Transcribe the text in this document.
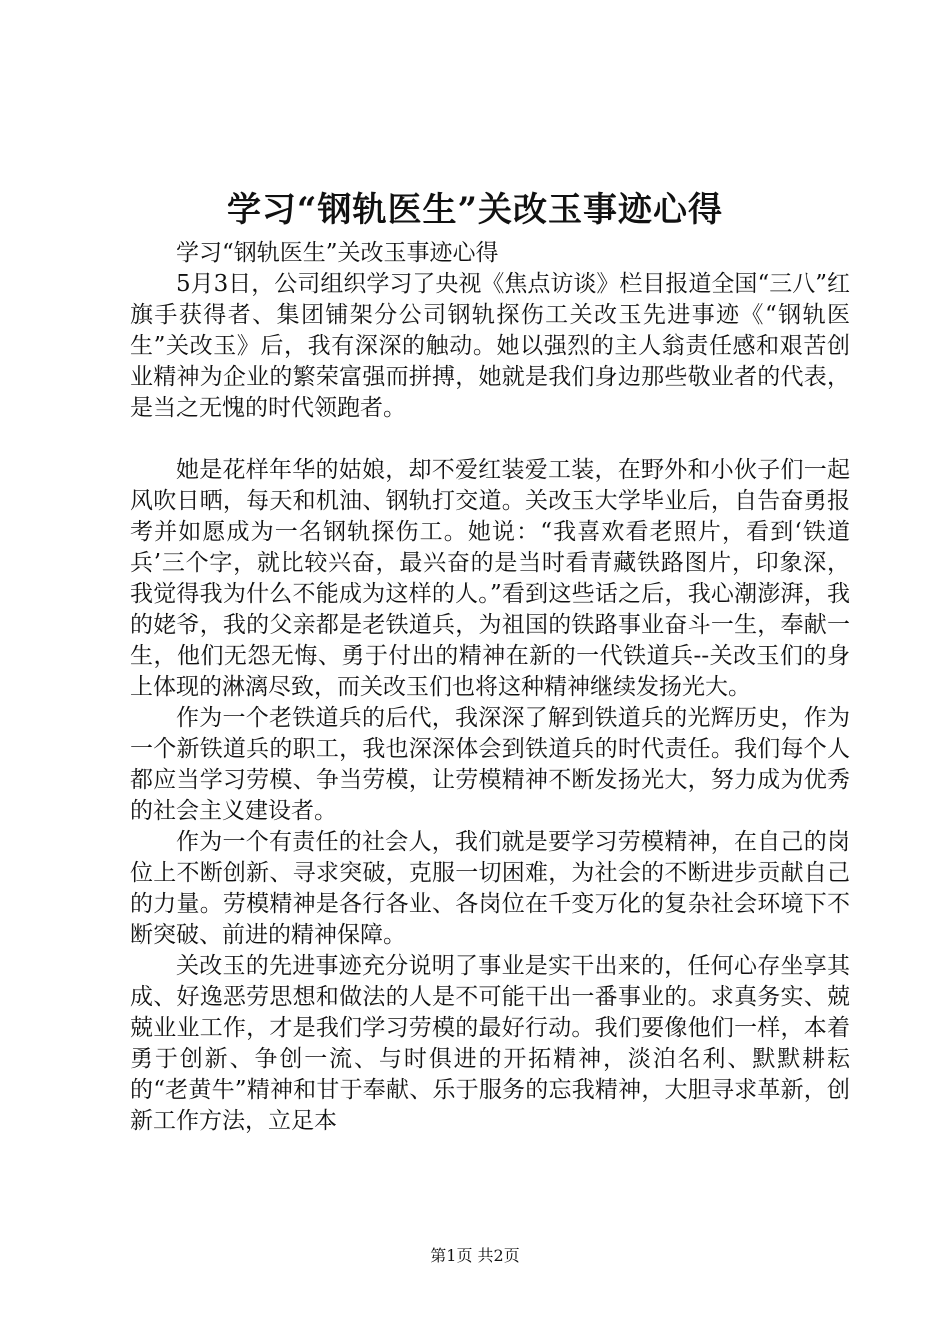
学习“钢轨医生”关改玉事迹心得

学习“钢轨医生”关改玉事迹心得

5月3日，公司组织学习了央视《焦点访谈》栏目报道全国“三八”红旗手获得者、集团铺架分公司钢轨探伤工关改玉先进事迹《“钢轨医生”关改玉》后，我有深深的触动。她以强烈的主人翁责任感和艰苦创业精神为企业的繁荣富强而拼搏，她就是我们身边那些敬业者的代表，是当之无愧的时代领跑者。

她是花样年华的姑娘，却不爱红装爱工装，在野外和小伙子们一起风吹日晒，每天和机油、钢轨打交道。关改玉大学毕业后，自告奋勇报考并如愿成为一名钢轨探伤工。她说：“我喜欢看老照片，看到‘铁道兵’三个字，就比较兴奋，最兴奋的是当时看青藏铁路图片，印象深，我觉得我为什么不能成为这样的人。”看到这些话之后，我心潮澎湃，我的姥爷，我的父亲都是老铁道兵，为祖国的铁路事业奋斗一生，奉献一生，他们无怨无悔、勇于付出的精神在新的一代铁道兵--关改玉们的身上体现的淋漓尽致，而关改玉们也将这种精神继续发扬光大。

作为一个老铁道兵的后代，我深深了解到铁道兵的光辉历史，作为一个新铁道兵的职工，我也深深体会到铁道兵的时代责任。我们每个人都应当学习劳模、争当劳模，让劳模精神不断发扬光大，努力成为优秀的社会主义建设者。

作为一个有责任的社会人，我们就是要学习劳模精神，在自己的岗位上不断创新、寻求突破，克服一切困难，为社会的不断进步贡献自己的力量。劳模精神是各行各业、各岗位在千变万化的复杂社会环境下不断突破、前进的精神保障。

关改玉的先进事迹充分说明了事业是实干出来的，任何心存坐享其成、好逸恶劳思想和做法的人是不可能干出一番事业的。求真务实、兢兢业业工作，才是我们学习劳模的最好行动。我们要像他们一样，本着勇于创新、争创一流、与时俱进的开拓精神，淡泊名利、默默耕耘的“老黄牛”精神和甘于奉献、乐于服务的忘我精神，大胆寻求革新，创新工作方法，立足本

第1页 共2页
